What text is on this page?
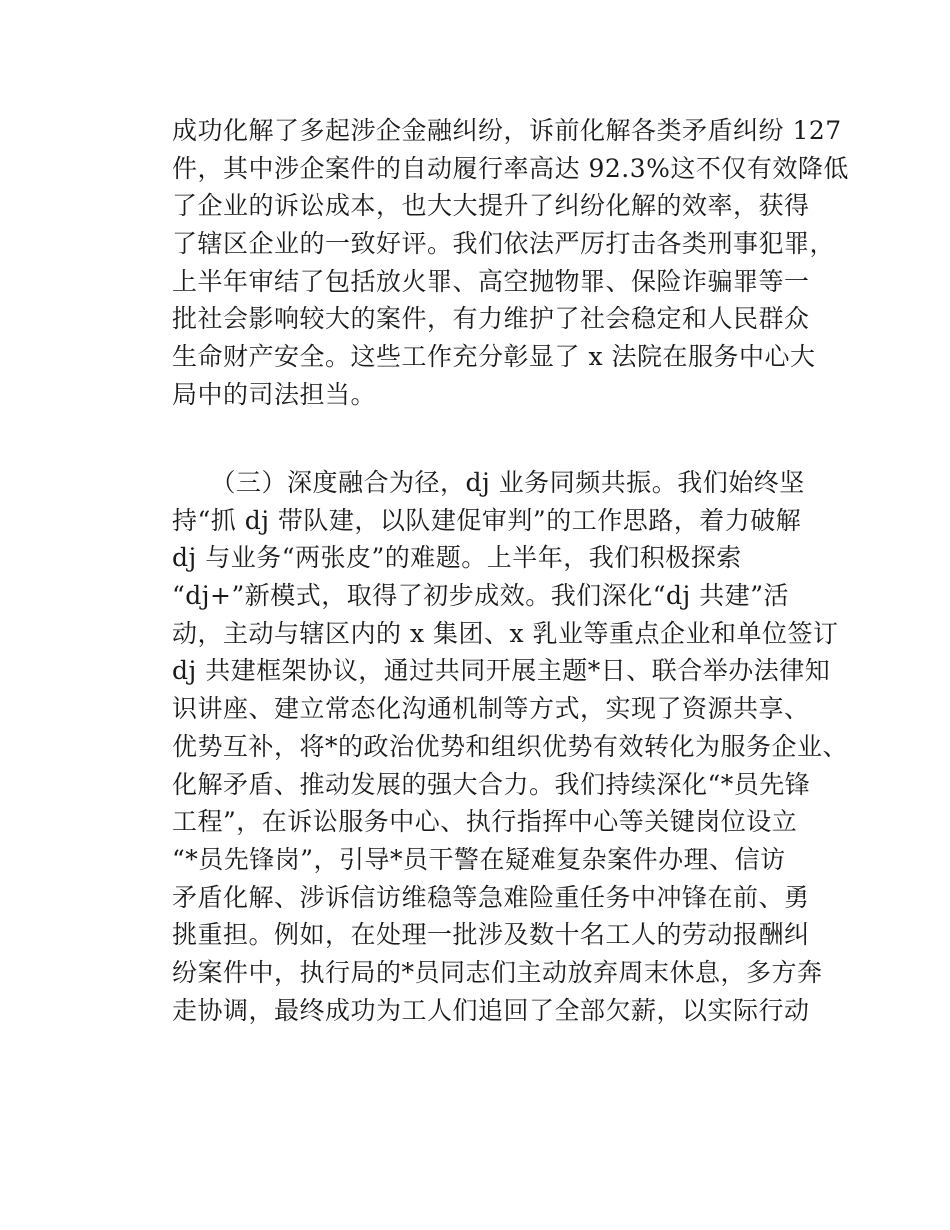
成功化解了多起涉企金融纠纷，诉前化解各类矛盾纠纷 127
件，其中涉企案件的自动履行率高达 92.3%这不仅有效降低
了企业的诉讼成本，也大大提升了纠纷化解的效率，获得
了辖区企业的一致好评。我们依法严厉打击各类刑事犯罪，
上半年审结了包括放火罪、高空抛物罪、保险诈骗罪等一
批社会影响较大的案件，有力维护了社会稳定和人民群众
生命财产安全。这些工作充分彰显了 x 法院在服务中心大
局中的司法担当。
　　（三）深度融合为径，dj 业务同频共振。我们始终坚
持“抓 dj 带队建，以队建促审判”的工作思路，着力破解
dj 与业务“两张皮”的难题。上半年，我们积极探索
“dj+”新模式，取得了初步成效。我们深化“dj 共建”活
动，主动与辖区内的 x 集团、x 乳业等重点企业和单位签订
dj 共建框架协议，通过共同开展主题*日、联合举办法律知
识讲座、建立常态化沟通机制等方式，实现了资源共享、
优势互补，将*的政治优势和组织优势有效转化为服务企业、
化解矛盾、推动发展的强大合力。我们持续深化“*员先锋
工程”，在诉讼服务中心、执行指挥中心等关键岗位设立
“*员先锋岗”，引导*员干警在疑难复杂案件办理、信访
矛盾化解、涉诉信访维稳等急难险重任务中冲锋在前、勇
挑重担。例如，在处理一批涉及数十名工人的劳动报酬纠
纷案件中，执行局的*员同志们主动放弃周末休息，多方奔
走协调，最终成功为工人们追回了全部欠薪，以实际行动
